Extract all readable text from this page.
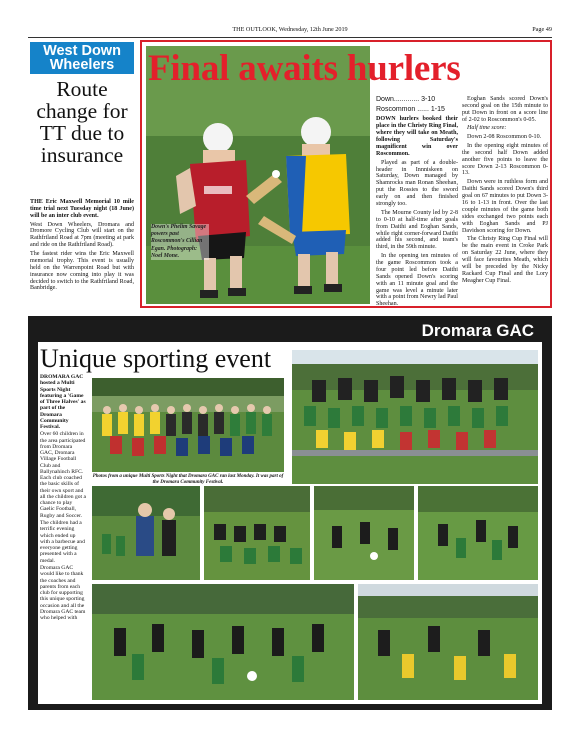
THE OUTLOOK, Wednesday, 12th June 2019	Page 49
West Down Wheelers
Route change for TT due to insurance

THE Eric Maxwell Memorial 10 mile time trial next Tuesday night (18 June) will be an inter club event.

West Down Wheelers, Dromara and Dromore Cycling Club will start on the Rathfriland Road at 7pm (meeting at park and ride on the Rathfriland Road).

The fastest rider wins the Eric Maxwell memorial trophy. This event is usually held on the Warrenpoint Road but with insurance now coming into play it was decided to switch to the Rathfriland Road, Banbridge.

Final awaits hurlers
Down's Phelim Savage powers past Roscommon's Cillian Egan. Photograph: Noel Mone.

Down............. 3-10

Roscommon ...... 1-15

DOWN hurlers booked their place in the Christy Ring Final, where they will take on Meath, following Saturday's magnificent win over Roscommon.

Played as part of a double-header in Innniskeen on Saturday, Down managed by Shamrocks man Ronan Sheehan, put the Rossies to the sword early on and then finished strongly too.

The Mourne County led by 2-8 to 0-10 at half-time after goals from Daithi and Eoghan Sands, while right corner-forward Daithi added his second, and team's third, in the 59th minute.

In the opening ten minutes of the game Roscommon took a four point led before Daithi Sands opened Down's scoring with an 11 minute goal and the game was level a minute later with a point from Newry lad Paul Sheehan.

Eoghan Sands scored Down's second goal on the 15th minute to put Down in front on a score line of 2-02 to Roscommon's 0-05.

Half time score:

Down 2-08 Roscommon 0-10.

In the opening eight minutes of the second half Down added another five points to leave the score Down 2-13 Roscommon 0-13.

Down were in ruthless form and Daithi Sands scored Down's third goal on 67 minutes to put Down 3-16 to 1-13 in front. Over the last couple minutes of the game both sides exchanged two points each with Eoghan Sands and PJ Davidson scoring for Down.

The Christy Ring Cup Final will be the main event in Croke Park on Saturday 22 June, where they will face favourites Meath, which will be preceded by the Nicky Rackard Cup Final and the Lory Meagher Cup Final.

Dromara GAC
Unique sporting event

DROMARA GAC hosted a Multi Sports Night featuring a 'Game of Three Halves' as part of the Dromara Community Festival.

Over 60 children in the area participated from Dromara GAC, Dromara Village Football Club and Ballynahinch RFC. Each club coached the basic skills of their own sport and all the children got a chance to play Gaelic Football, Rugby and Soccer.

The children had a terrific evening which ended up with a barbecue and everyone getting presented with a medal.

Dromara GAC would like to thank the coaches and parents from each club for supporting this unique sporting occasion and all the Dromara GAC team who helped with

Photos from a unique Multi Sports Night that Dromara GAC ran last Monday. It was part of the Dromara Community Festival.
